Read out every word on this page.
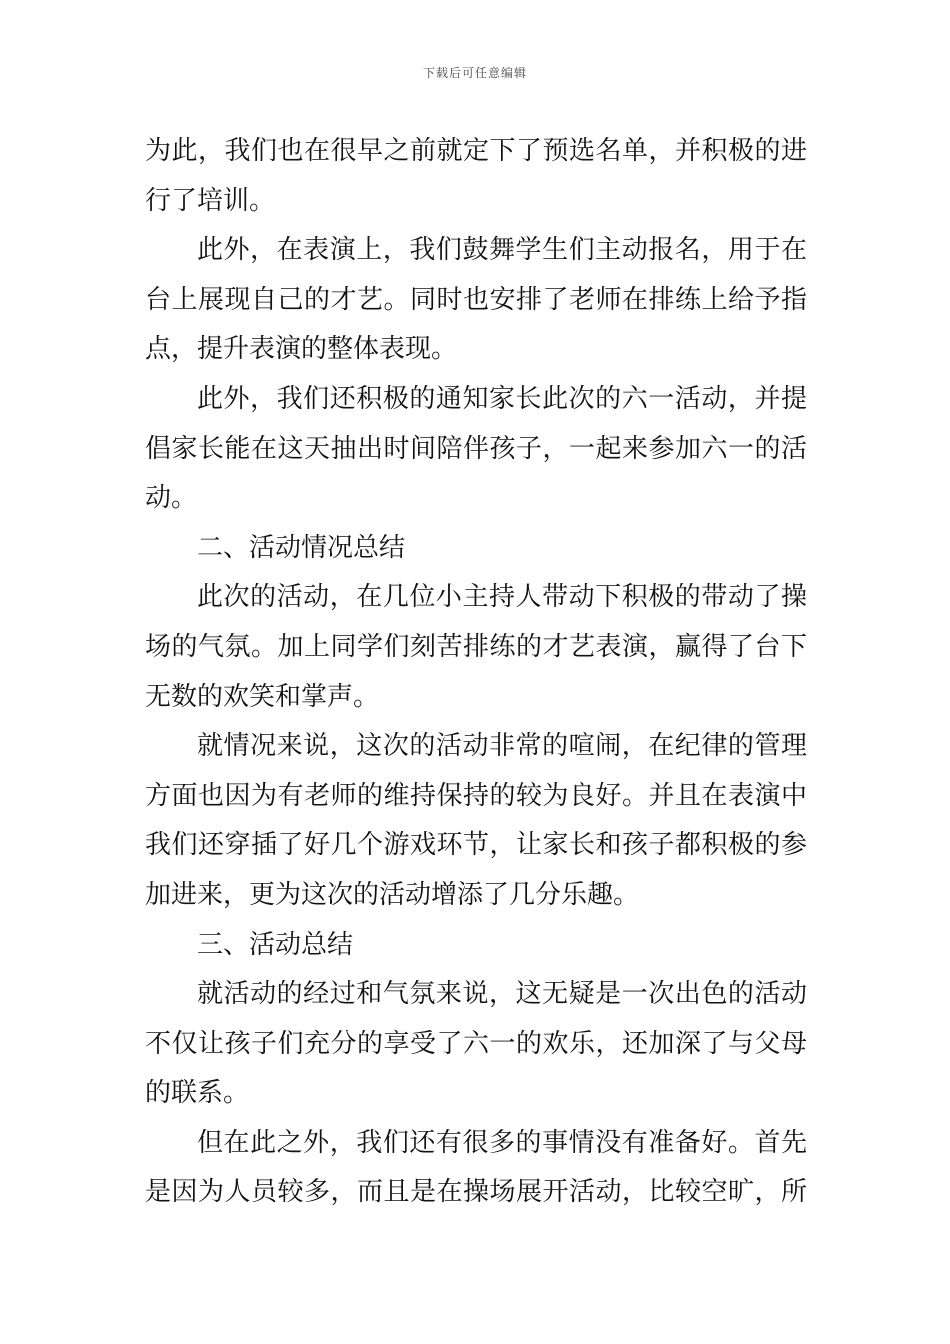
下载后可任意编辑
为此，我们也在很早之前就定下了预选名单，并积极的进
行了培训。
此外，在表演上，我们鼓舞学生们主动报名，用于在
台上展现自己的才艺。同时也安排了老师在排练上给予指
点，提升表演的整体表现。
此外，我们还积极的通知家长此次的六一活动，并提
倡家长能在这天抽出时间陪伴孩子，一起来参加六一的活
动。
二、活动情况总结
此次的活动，在几位小主持人带动下积极的带动了操
场的气氛。加上同学们刻苦排练的才艺表演，赢得了台下
无数的欢笑和掌声。
就情况来说，这次的活动非常的喧闹，在纪律的管理
方面也因为有老师的维持保持的较为良好。并且在表演中
我们还穿插了好几个游戏环节，让家长和孩子都积极的参
加进来，更为这次的活动增添了几分乐趣。
三、活动总结
就活动的经过和气氛来说，这无疑是一次出色的活动
不仅让孩子们充分的享受了六一的欢乐，还加深了与父母
的联系。
但在此之外，我们还有很多的事情没有准备好。首先
是因为人员较多，而且是在操场展开活动，比较空旷，所
